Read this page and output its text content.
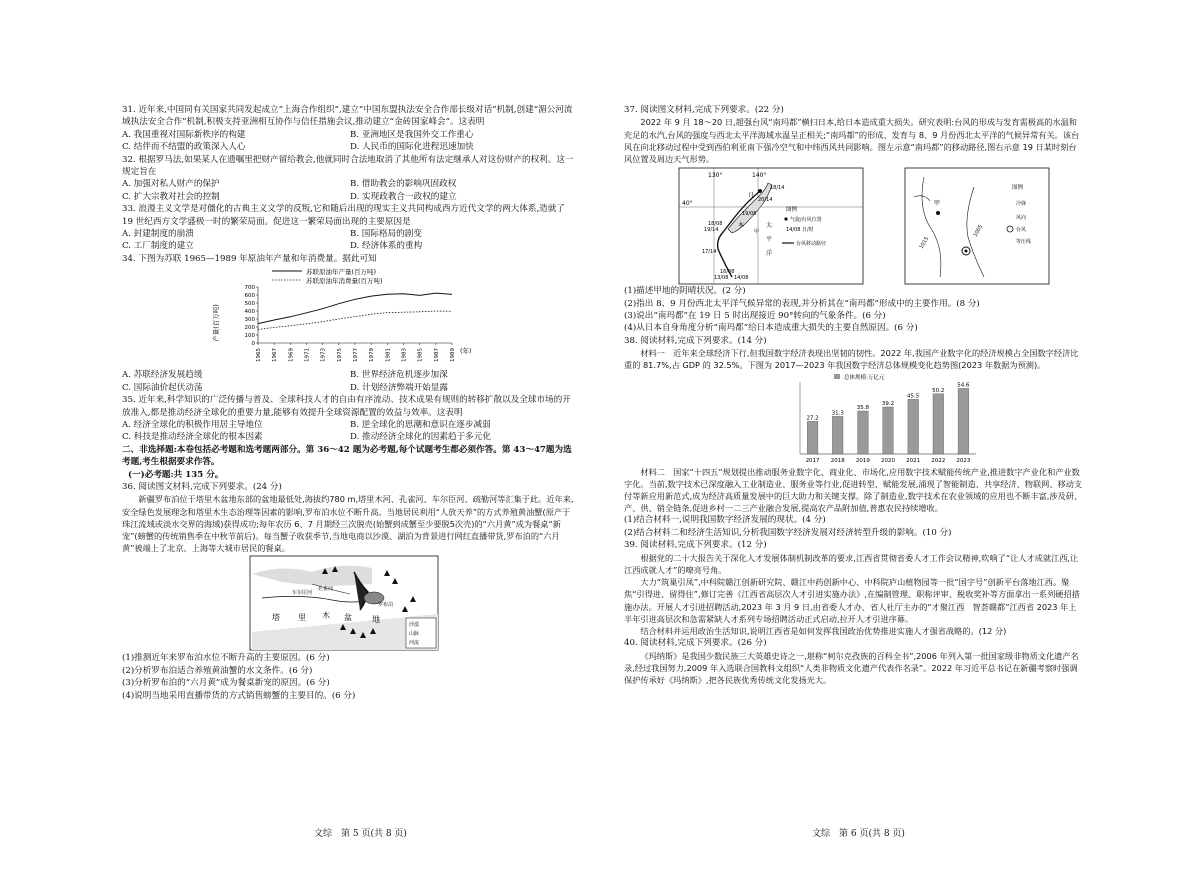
31. 近年来,中国同有关国家共同发起成立“上海合作组织”,建立“中国东盟执法安全合作部长级对话”机制,创建“湄公河流域执法安全合作”机制,积极支持亚洲相互协作与信任措施会议,推动建立“金砖国家峰会”。这表明

A. 我国重视对国际新秩序的构建	B. 亚洲地区是我国外交工作重心

C. 结伴而不结盟的政策深入人心	D. 人民币的国际化进程迅速加快

32. 根据罗马法,如果某人在遗嘱里把财产留给教会,他就同时合法地取消了其他所有法定继承人对这份财产的权利。这一规定旨在

A. 加强对私人财产的保护	B. 借助教会的影响巩固政权

C. 扩大宗教对社会的控制	D. 实现政教合一政权的建立

33. 浪漫主义文学是对僵化的古典主义文学的反叛,它和随后出现的现实主义共同构成西方近代文学的两大体系,造就了 19 世纪西方文学盛极一时的繁荣局面。促进这一繁荣局面出现的主要原因是

A. 封建制度的崩溃	B. 国际格局的剧变

C. 工厂制度的建立	D. 经济体系的重构

34. 下图为苏联 1965—1989 年原油年产量和年消费量。据此可知

苏联原油年产量(百万吨)
苏联原油年消费量(百万吨)
0
100
200
300
400
500
600
700
1965 1967 1969 1971 1973 1975 1977 1979 1981 1983 1985 1987 1989
产量(百万吨)
(年)

A. 苏联经济发展趋缓	B. 世界经济危机逐步加深

C. 国际油价起伏动荡	D. 计划经济弊端开始显露

35. 近年来,科学知识的广泛传播与普及、全球科技人才的自由有序流动、技术成果有规则的转移扩散以及全球市场的开放准入,都是推动经济全球化的重要力量,能够有效提升全球资源配置的效益与效率。这表明

A. 经济全球化的积极作用居主导地位	B. 逆全球化的思潮和意识在逐步减弱

C. 科技是推动经济全球化的根本因素	D. 推动经济全球化的因素趋于多元化

二、非选择题:本卷包括必考题和选考题两部分。第 36～42 题为必考题,每个试题考生都必须作答。第 43～47题为选考题,考生根据要求作答。

(一)必考题:共 135 分。

36. 阅读图文材料,完成下列要求。(24 分)

新疆罗布泊位于塔里木盆地东部的盆地最低处,海拔约780 m,塔里木河、孔雀河、车尔臣河、疏勒河等汇集于此。近年来,安全绿色发展理念和塔里木生态治理等因素的影响,罗布泊水位不断升高。当地居民利用“人放天养”的方式养殖黄油蟹(原产于珠江流域或淡水交界的海域)获得成功;每年农历 6、7 月期经三次脱壳(始蟹到成蟹至少要脱5次壳)的“六月黄”成为餐桌“新宠”(螃蟹的传统销售季在中秋节前后)。每当蟹子收获季节,当地电商以沙漠、湖泊为背景进行网红直播带货,罗布泊的“六月黄”被端上了北京、上海等大城市居民的餐桌。

塔 里 木 盆	地
孔雀河
车尔臣河
罗布泊
沙漠
山脉
河流

(1)推测近年来罗布泊水位不断升高的主要原因。(6 分)

(2)分析罗布泊适合养殖黄油蟹的水文条件。(6 分)

(3)分析罗布泊的“六月黄”成为餐桌新宠的原因。(6 分)

(4)说明当地采用直播带货的方式销售螃蟹的主要目的。(6 分)

文综　第 5 页(共 8 页)

37. 阅读图文材料,完成下列要求。(22 分)

2022 年 9 月 18～20 日,超强台风“南玛都”横扫日本,给日本造成重大损失。研究表明:台风的形成与发育需极高的水温和充足的水汽,台风的强度与西北太平洋海域水温呈正相关;“南玛都”的形成、发育与 8、9 月份西北太平洋的气候异常有关。该台风在向北移动过程中受到西伯利亚南下强冷空气和中纬西风共同影响。图左示意“南玛都”的移动路径,图右示意 19 日某时刻台风位置及周边天气形势。

130°	140°
40°
18/14
18/08
16/08
17/14
19/08
19/14
20/14
13/08 14/08
日
本	太
平
洋
甲
图例
气旋/台风位置
14/08 日/时
台风移动路径	1015
1005
甲
图例
冷锋
风向
台风
等压线

(1)描述甲地的阴晴状况。(2 分)

(2)指出 8、9 月份西北太平洋气候异常的表现,并分析其在“南玛都”形成中的主要作用。(8 分)

(3)说出“南玛都”在 19 日 5 时出现接近 90°转向的气象条件。(6 分)

(4)从日本自身角度分析“南玛都”给日本造成重大损失的主要自然原因。(6 分)

38. 阅读材料,完成下列要求。(14 分)

材料一　近年来全球经济下行,但我国数字经济表现出坚韧的韧性。2022 年,我国产业数字化的经济规模占全国数字经济比重的 81.7%,占 GDP 的 32.5%。下图为 2017—2023 年我国数字经济总体规模变化趋势图(2023 年数据为预测)。

总体规模:万亿元
2017 2018 2019 2020 2021 2022 2023
27.2
31.3
35.8
39.2
45.5
50.2
54.6

材料二　国家“十四五”规划提出推动服务业数字化、商业化、市场化,应用数字技术赋能传统产业,推进数字产业化和产业数字化。当前,数字技术已深度融入工业制造业、服务业等行业,促进转型、赋能发展,涌现了智能制造、共享经济、物联网、移动支付等新应用新范式,成为经济高质量发展中的巨大助力和关键支撑。除了制造业,数字技术在农业领域的应用也不断丰富,涉及研、产、供、销全链条,促进乡村一二三产业融合发展,提高农产品附加值,普惠农民持续增收。

(1)结合材料一,说明我国数字经济发展的现状。(4 分)

(2)结合材料二和经济生活知识,分析我国数字经济发展对经济转型升级的影响。(10 分)

39. 阅读材料,完成下列要求。(12 分)

根据党的二十大报告关于深化人才发展体制机制改革的要求,江西省贯彻省委人才工作会议精神,吹响了“让人才成就江西,让江西成就人才”的嘹亮号角。

大力“筑巢引凤”,中科院赣江创新研究院、赣江中药创新中心、中科院庐山植物园等一批“国字号”创新平台落地江西。聚焦“引得进、留得住”,修订完善《江西省高层次人才引进实施办法》,在编制管理、职称评审、税收奖补等方面拿出一系列硬招措施办法。开展人才引进招聘活动,2023 年 3 月 9 日,由省委人才办、省人社厅主办的“才聚江西　智荟赣都”江西省 2023 年上半年引进高层次和急需紧缺人才系列专场招聘活动正式启动,拉开人才引进序幕。

结合材料并运用政治生活知识,说明江西省是如何发挥我国政治优势推进实施人才强省战略的。(12 分)

40. 阅读材料,完成下列要求。(26 分)

《玛纳斯》是我国少数民族三大英雄史诗之一,堪称“柯尔克孜族的百科全书”,2006 年列入第一批国家级非物质文化遗产名录,经过我国努力,2009 年入选联合国教科文组织“人类非物质文化遗产代表作名录”。2022 年习近平总书记在新疆考察时强调保护传承好《玛纳斯》,把各民族优秀传统文化发扬光大。

文综　第 6 页(共 8 页)
